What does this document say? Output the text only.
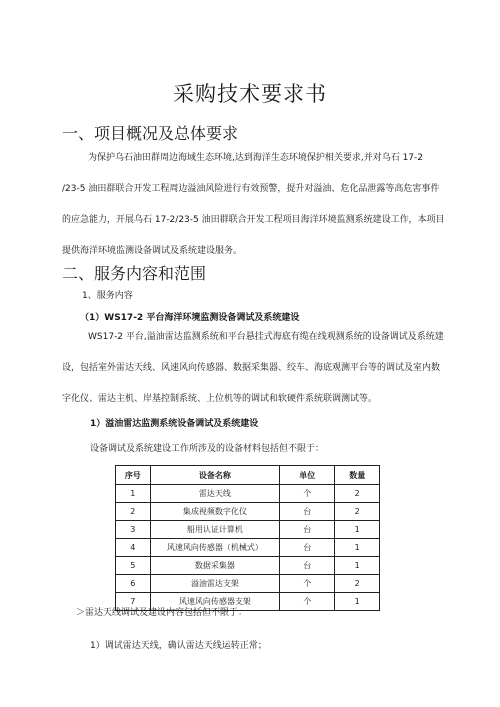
采购技术要求书
一、项目概况及总体要求
为保护乌石油田群周边海域生态环境,达到海洋生态环境保护相关要求,并对乌石 17-2
/23-5 油田群联合开发工程周边溢油风险进行有效预警，提升对溢油、危化品泄露等高危害事件
的应急能力，开展乌石 17-2/23-5 油田群联合开发工程项目海洋环境监测系统建设工作，本项目
提供海洋环境监测设备调试及系统建设服务。
二、服务内容和范围
1、服务内容
（1）WS17-2 平台海洋环境监测设备调试及系统建设
WS17-2 平台,溢油雷达监测系统和平台悬挂式海底有缆在线观测系统的设备调试及系统建
设，包括室外雷达天线、风速风向传感器、数据采集器、绞车、海底观测平台等的调试及室内数
字化仪、雷达主机、岸基控制系统、上位机等的调试和软硬件系统联调测试等。
1）溢油雷达监测系统设备调试及系统建设
设备调试及系统建设工作所涉及的设备材料包括但不限于：
序号	设备名称	单位	数量
1	雷达天线	个	2
2	集成视频数字化仪	台	2
3	船用认证计算机	台	1
4	风速风向传感器（机械式）	台	1
5	数据采集器	台	1
6	溢油雷达支架	个	2
7	风速风向传感器支架	个	1
＞雷达天线调试及建设内容包括但不限于：
1）调试雷达天线，确认雷达天线运转正常；
